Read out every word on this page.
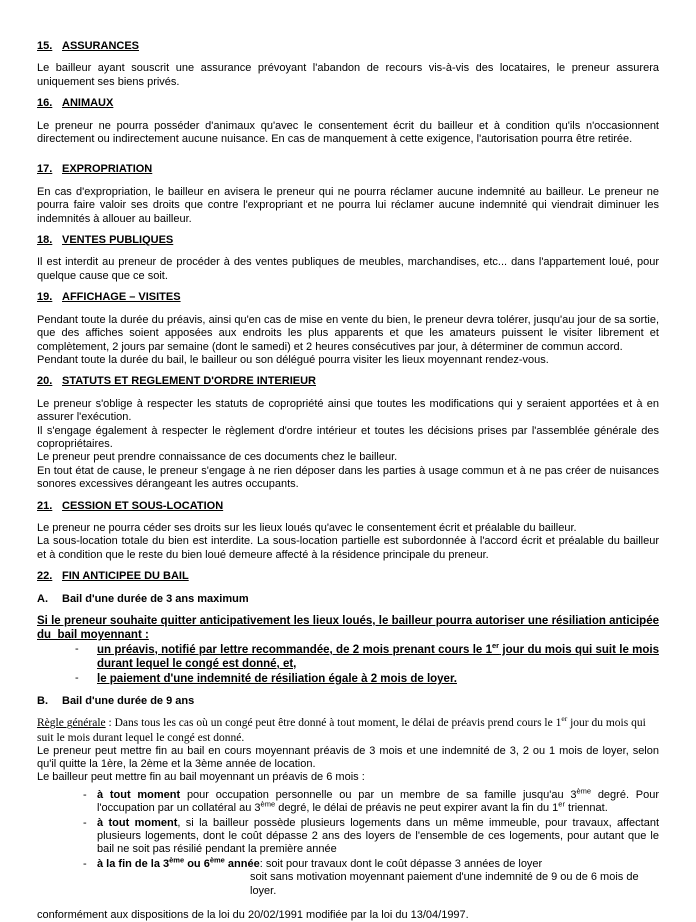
15. ASSURANCES

Le bailleur ayant souscrit une assurance prévoyant l'abandon de recours vis-à-vis des locataires, le preneur assurera uniquement ses biens privés.

16. ANIMAUX

Le preneur ne pourra posséder d'animaux qu'avec le consentement écrit du bailleur et à condition qu'ils n'occasionnent directement ou indirectement aucune nuisance. En cas de manquement à cette exigence, l'autorisation pourra être retirée.

17. EXPROPRIATION

En cas d'expropriation, le bailleur en avisera le preneur qui ne pourra réclamer aucune indemnité au bailleur. Le preneur ne pourra faire valoir ses droits que contre l'expropriant et ne pourra lui réclamer aucune indemnité qui viendrait diminuer les indemnités à allouer au bailleur.

18. VENTES PUBLIQUES

Il est interdit au preneur de procéder à des ventes publiques de meubles, marchandises, etc... dans l'appartement loué, pour quelque cause que ce soit.

19. AFFICHAGE – VISITES

Pendant toute la durée du préavis, ainsi qu'en cas de mise en vente du bien, le preneur devra tolérer, jusqu'au jour de sa sortie, que des affiches soient apposées aux endroits les plus apparents et que les amateurs puissent le visiter librement et complètement, 2 jours par semaine (dont le samedi) et 2 heures consécutives par jour, à déterminer de commun accord.

Pendant toute la durée du bail, le bailleur ou son délégué pourra visiter les lieux moyennant rendez-vous.

20. STATUTS ET REGLEMENT D'ORDRE INTERIEUR

Le preneur s'oblige à respecter les statuts de copropriété ainsi que toutes les modifications qui y seraient apportées et à en assurer l'exécution.

Il s'engage également à respecter le règlement d'ordre intérieur et toutes les décisions prises par l'assemblée générale des copropriétaires.

Le preneur peut prendre connaissance de ces documents chez le bailleur.

En tout état de cause, le preneur s'engage à ne rien déposer dans les parties à usage commun et à ne pas créer de nuisances sonores excessives dérangeant les autres occupants.

21. CESSION ET SOUS-LOCATION

Le preneur ne pourra céder ses droits sur les lieux loués qu'avec le consentement écrit et préalable du bailleur.

La sous-location totale du bien est interdite. La sous-location partielle est subordonnée à l'accord écrit et préalable du bailleur et à condition que le reste du bien loué demeure affecté à la résidence principale du preneur.

22. FIN ANTICIPEE DU BAIL
A. Bail d'une durée de 3 ans maximum

Si le preneur souhaite quitter anticipativement les lieux loués, le bailleur pourra autoriser une résiliation anticipée du  bail moyennant :

-	un préavis, notifié par lettre recommandée, de 2 mois prenant cours le 1er jour du mois qui suit le mois durant lequel le congé est donné, et,
-	le paiement d'une indemnité de résiliation égale à 2 mois de loyer.
B. Bail d'une durée de 9 ans

Règle générale : Dans tous les cas où un congé peut être donné à tout moment, le délai de préavis prend cours le 1er jour du mois qui suit le mois durant lequel le congé est donné.

Le preneur peut mettre fin au bail en cours moyennant préavis de 3 mois et une indemnité de 3, 2 ou 1 mois de loyer, selon qu'il quitte la 1ère, la 2ème et la 3ème année de location.

Le bailleur peut mettre fin au bail moyennant un préavis de 6 mois :

- à tout moment pour occupation personnelle ou par un membre de sa famille jusqu'au 3ème degré. Pour l'occupation par un collatéral au 3ème degré, le délai de préavis ne peut expirer avant la fin du 1er triennat.
- à tout moment, si la bailleur possède plusieurs logements dans un même immeuble, pour travaux, affectant plusieurs logements, dont le coût dépasse 2 ans des loyers de l'ensemble de ces logements, pour autant que le bail ne soit pas résilié pendant la première année
- à la fin de la 3ème ou 6ème année: soit pour travaux dont le coût dépasse 3 années de loyer
soit sans motivation moyennant paiement d'une indemnité de 9 ou de 6 mois de loyer.

conformément aux dispositions de la loi du 20/02/1991 modifiée par la loi du 13/04/1997.
